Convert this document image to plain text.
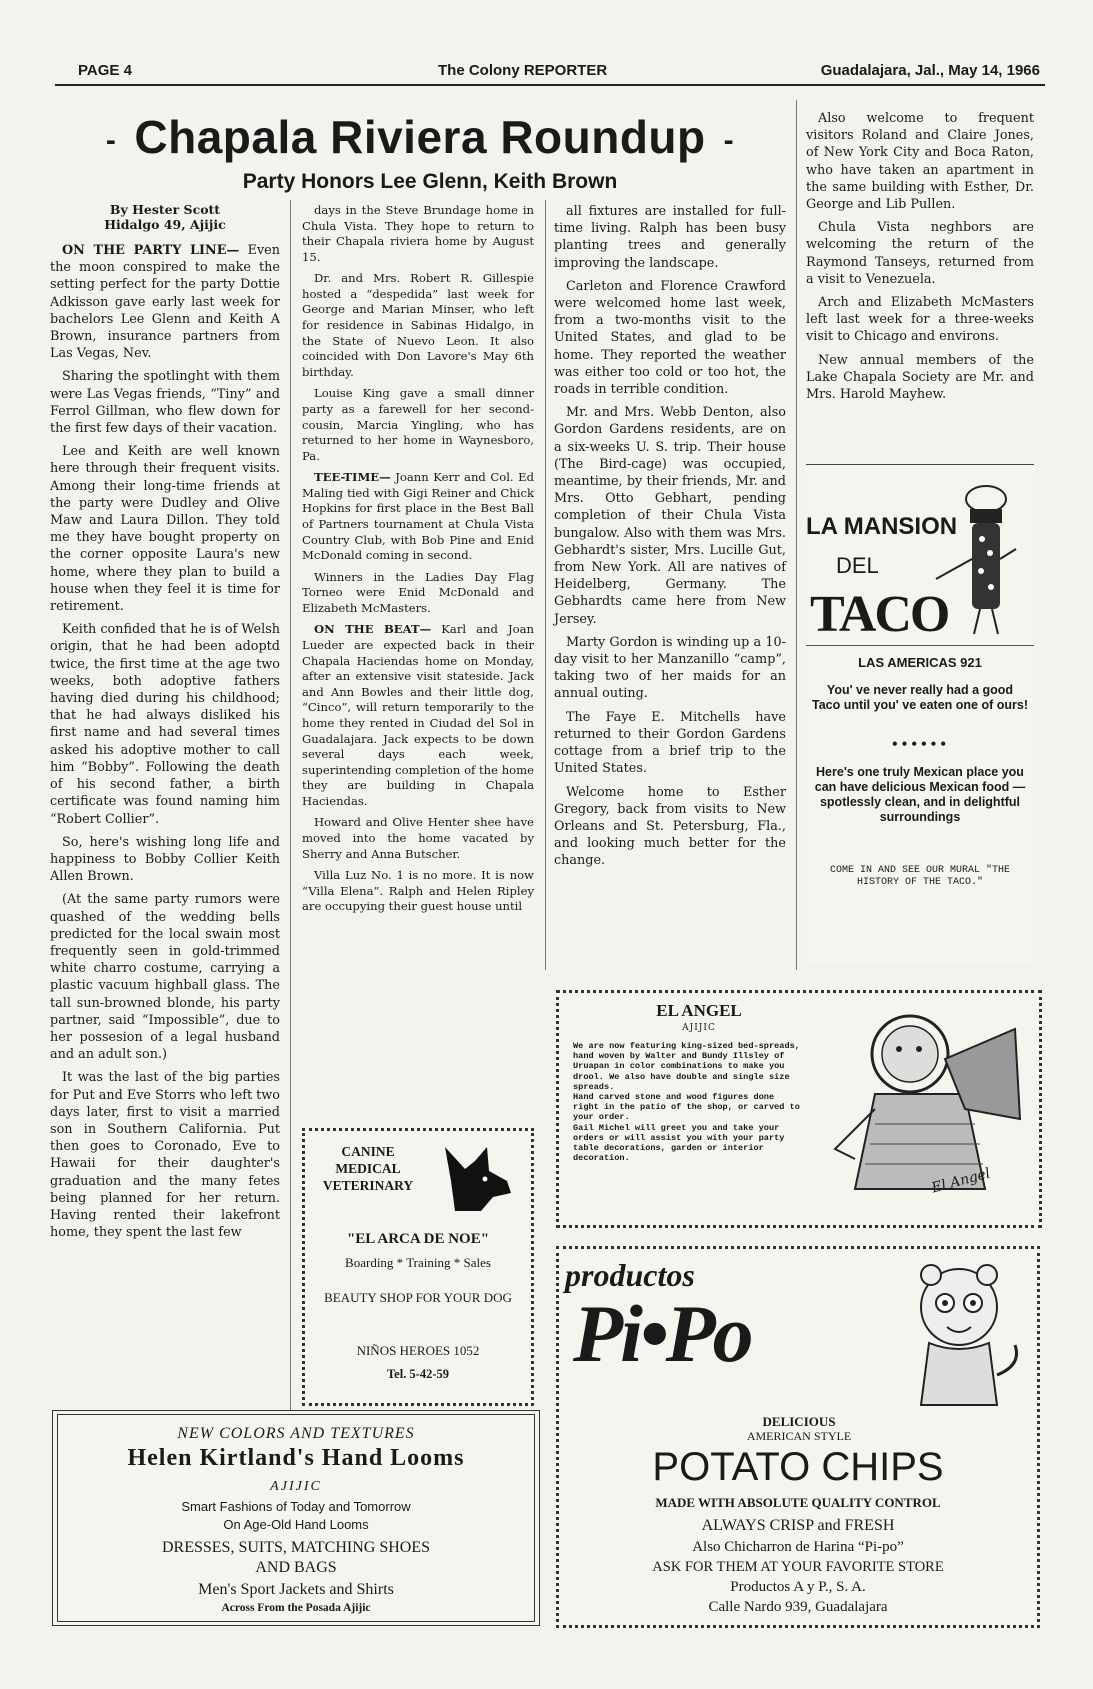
PAGE 4	The Colony REPORTER	Guadalajara, Jal., May 14, 1966
- Chapala Riviera Roundup -
Party Honors Lee Glenn, Keith Brown
By Hester Scott
Hidalgo 49, Ajijic

ON THE PARTY LINE— Even the moon conspired to make the setting perfect for the party Dottie Adkisson gave early last week for bachelors Lee Glenn and Keith A Brown, insurance partners from Las Vegas, Nev.

Sharing the spotlinght with them were Las Vegas friends, “Tiny” and Ferrol Gillman, who flew down for the first few days of their vacation.

Lee and Keith are well known here through their frequent visits. Among their long-time friends at the party were Dudley and Olive Maw and Laura Dillon. They told me they have bought property on the corner opposite Laura's new home, where they plan to build a house when they feel it is time for retirement.

Keith confided that he is of Welsh origin, that he had been adoptd twice, the first time at the age two weeks, both adoptive fathers having died during his childhood; that he had always disliked his first name and had several times asked his adoptive mother to call him “Bobby”. Following the death of his second father, a birth certificate was found naming him “Robert Collier”.

So, here's wishing long life and happiness to Bobby Collier Keith Allen Brown.

(At the same party rumors were quashed of the wedding bells predicted for the local swain most frequently seen in gold-trimmed white charro costume, carrying a plastic vacuum highball glass. The tall sun-browned blonde, his party partner, said “Impossible”, due to her possesion of a legal husband and an adult son.)

It was the last of the big parties for Put and Eve Storrs who left two days later, first to visit a married son in Southern California. Put then goes to Coronado, Eve to Hawaii for their daughter's graduation and the many fetes being planned for her return. Having rented their lakefront home, they spent the last few

days in the Steve Brundage home in Chula Vista. They hope to return to their Chapala riviera home by August 15.

Dr. and Mrs. Robert R. Gillespie hosted a “despedida” last week for George and Marian Minser, who left for residence in Sabinas Hidalgo, in the State of Nuevo Leon. It also coincided with Don Lavore's May 6th birthday.

Louise King gave a small dinner party as a farewell for her second-cousin, Marcia Yingling, who has returned to her home in Waynesboro, Pa.

TEE-TIME— Joann Kerr and Col. Ed Maling tied with Gigi Reiner and Chick Hopkins for first place in the Best Ball of Partners tournament at Chula Vista Country Club, with Bob Pine and Enid McDonald coming in second.

Winners in the Ladies Day Flag Torneo were Enid McDonald and Elizabeth McMasters.

ON THE BEAT— Karl and Joan Lueder are expected back in their Chapala Haciendas home on Monday, after an extensive visit stateside. Jack and Ann Bowles and their little dog, “Cinco”, will return temporarily to the home they rented in Ciudad del Sol in Guadalajara. Jack expects to be down several days each week, superintending completion of the home they are building in Chapala Haciendas.

Howard and Olive Henter shee have moved into the home vacated by Sherry and Anna Butscher.

Villa Luz No. 1 is no more. It is now “Villa Elena”. Ralph and Helen Ripley are occupying their guest house until

all fixtures are installed for full-time living. Ralph has been busy planting trees and generally improving the landscape.

Carleton and Florence Crawford were welcomed home last week, from a two-months visit to the United States, and glad to be home. They reported the weather was either too cold or too hot, the roads in terrible condition.

Mr. and Mrs. Webb Denton, also Gordon Gardens residents, are on a six-weeks U. S. trip. Their house (The Bird-cage) was occupied, meantime, by their friends, Mr. and Mrs. Otto Gebhart, pending completion of their Chula Vista bungalow. Also with them was Mrs. Gebhardt's sister, Mrs. Lucille Gut, from New York. All are natives of Heidelberg, Germany. The Gebhardts came here from New Jersey.

Marty Gordon is winding up a 10-day visit to her Manzanillo “camp”, taking two of her maids for an annual outing.

The Faye E. Mitchells have returned to their Gordon Gardens cottage from a brief trip to the United States.

Welcome home to Esther Gregory, back from visits to New Orleans and St. Petersburg, Fla., and looking much better for the change.

Also welcome to frequent visitors Roland and Claire Jones, of New York City and Boca Raton, who have taken an apartment in the same building with Esther, Dr. George and Lib Pullen.

Chula Vista neghbors are welcoming the return of the Raymond Tanseys, returned from a visit to Venezuela.

Arch and Elizabeth McMasters left last week for a three-weeks visit to Chicago and environs.

New annual members of the Lake Chapala Society are Mr. and Mrs. Harold Mayhew.

LA MANSION
DEL
TACO
LAS AMERICAS 921
You' ve never really had a good Taco until you' ve eaten one of ours!
••••••
Here's one truly Mexican place you can have delicious Mexican food — spotlessly clean, and in delightful surroundings
COME IN AND SEE OUR MURAL "THE HISTORY OF THE TACO."
EL ANGEL
AJIJIC
We are now featuring king-sized bed-spreads, hand woven by Walter and Bundy Illsley of Uruapan in color combinations to make you drool. We also have double and single size spreads.
Hand carved stone and wood figures done right in the patio of the shop, or carved to your order.
Gail Michel will greet you and take your orders or will assist you with your party table decorations, garden or interior decoration.
El Angel
CANINE
MEDICAL
VETERINARY
"EL ARCA DE NOE"
Boarding * Training * Sales
BEAUTY SHOP FOR YOUR DOG
NIÑOS HEROES 1052
Tel. 5-42-59
productos
Pi•Po
DELICIOUS
AMERICAN STYLE
POTATO CHIPS
MADE WITH ABSOLUTE QUALITY CONTROL
ALWAYS CRISP and FRESH
Also Chicharron de Harina “Pi-po”
ASK FOR THEM AT YOUR FAVORITE STORE
Productos A y P., S. A.
Calle Nardo 939, Guadalajara
NEW COLORS AND TEXTURES
Helen Kirtland's Hand Looms
AJIJIC
Smart Fashions of Today and Tomorrow
On Age-Old Hand Looms
DRESSES, SUITS, MATCHING SHOES
AND BAGS
Men's Sport Jackets and Shirts
Across From the Posada Ajijic
